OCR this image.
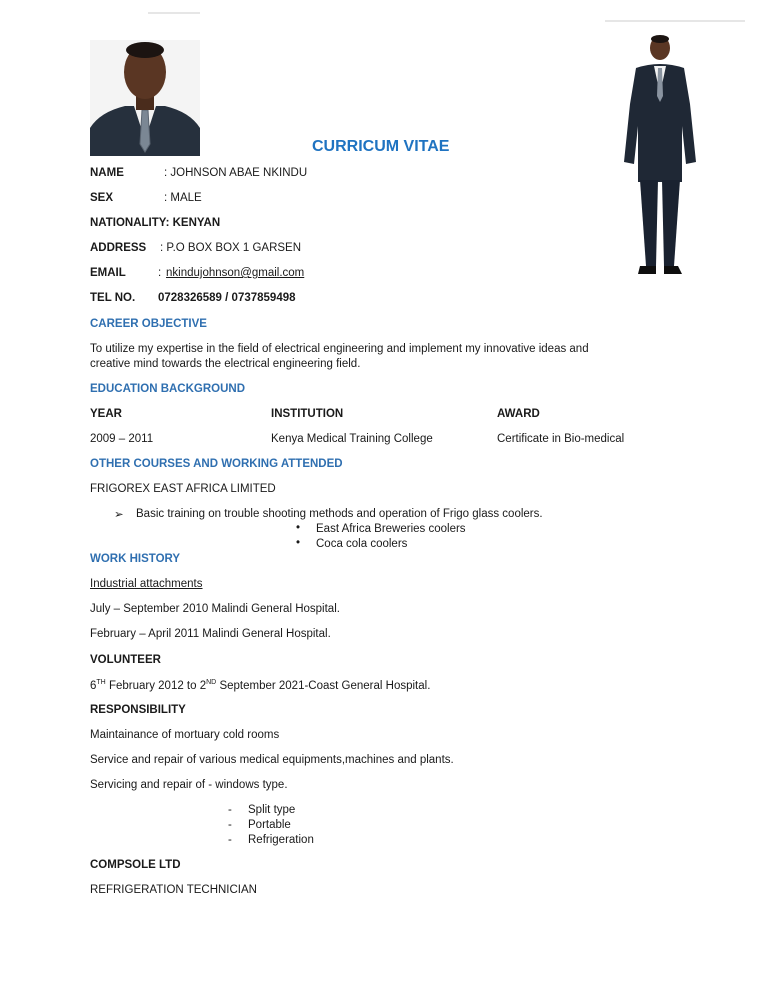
CURRICUM VITAE
NAME	: JOHNSON ABAE NKINDU
SEX	: MALE
NATIONALITY: KENYAN
ADDRESS : P.O BOX BOX 1 GARSEN
EMAIL	: nkindujohnson@gmail.com
TEL NO. 0728326589 / 0737859498
CAREER OBJECTIVE
To utilize my expertise in the field of electrical engineering and implement my innovative ideas and
creative mind towards the electrical engineering field.
EDUCATION BACKGROUND
YEAR	INSTITUTION	AWARD
2009 – 2011	Kenya Medical Training College	Certificate in Bio-medical
OTHER COURSES AND WORKING ATTENDED
FRIGOREX EAST AFRICA LIMITED
➢ Basic training on trouble shooting methods and operation of Frigo glass coolers.
• East Africa Breweries coolers
• Coca cola coolers
WORK HISTORY
Industrial attachments
July – September 2010 Malindi General Hospital.
February – April 2011 Malindi General Hospital.
VOLUNTEER
6TH February 2012 to 2ND September 2021-Coast General Hospital.
RESPONSIBILITY
Maintainance of mortuary cold rooms
Service and repair of various medical equipments,machines and plants.
Servicing and repair of - windows type.
- Split type
- Portable
- Refrigeration
COMPSOLE LTD
REFRIGERATION TECHNICIAN
